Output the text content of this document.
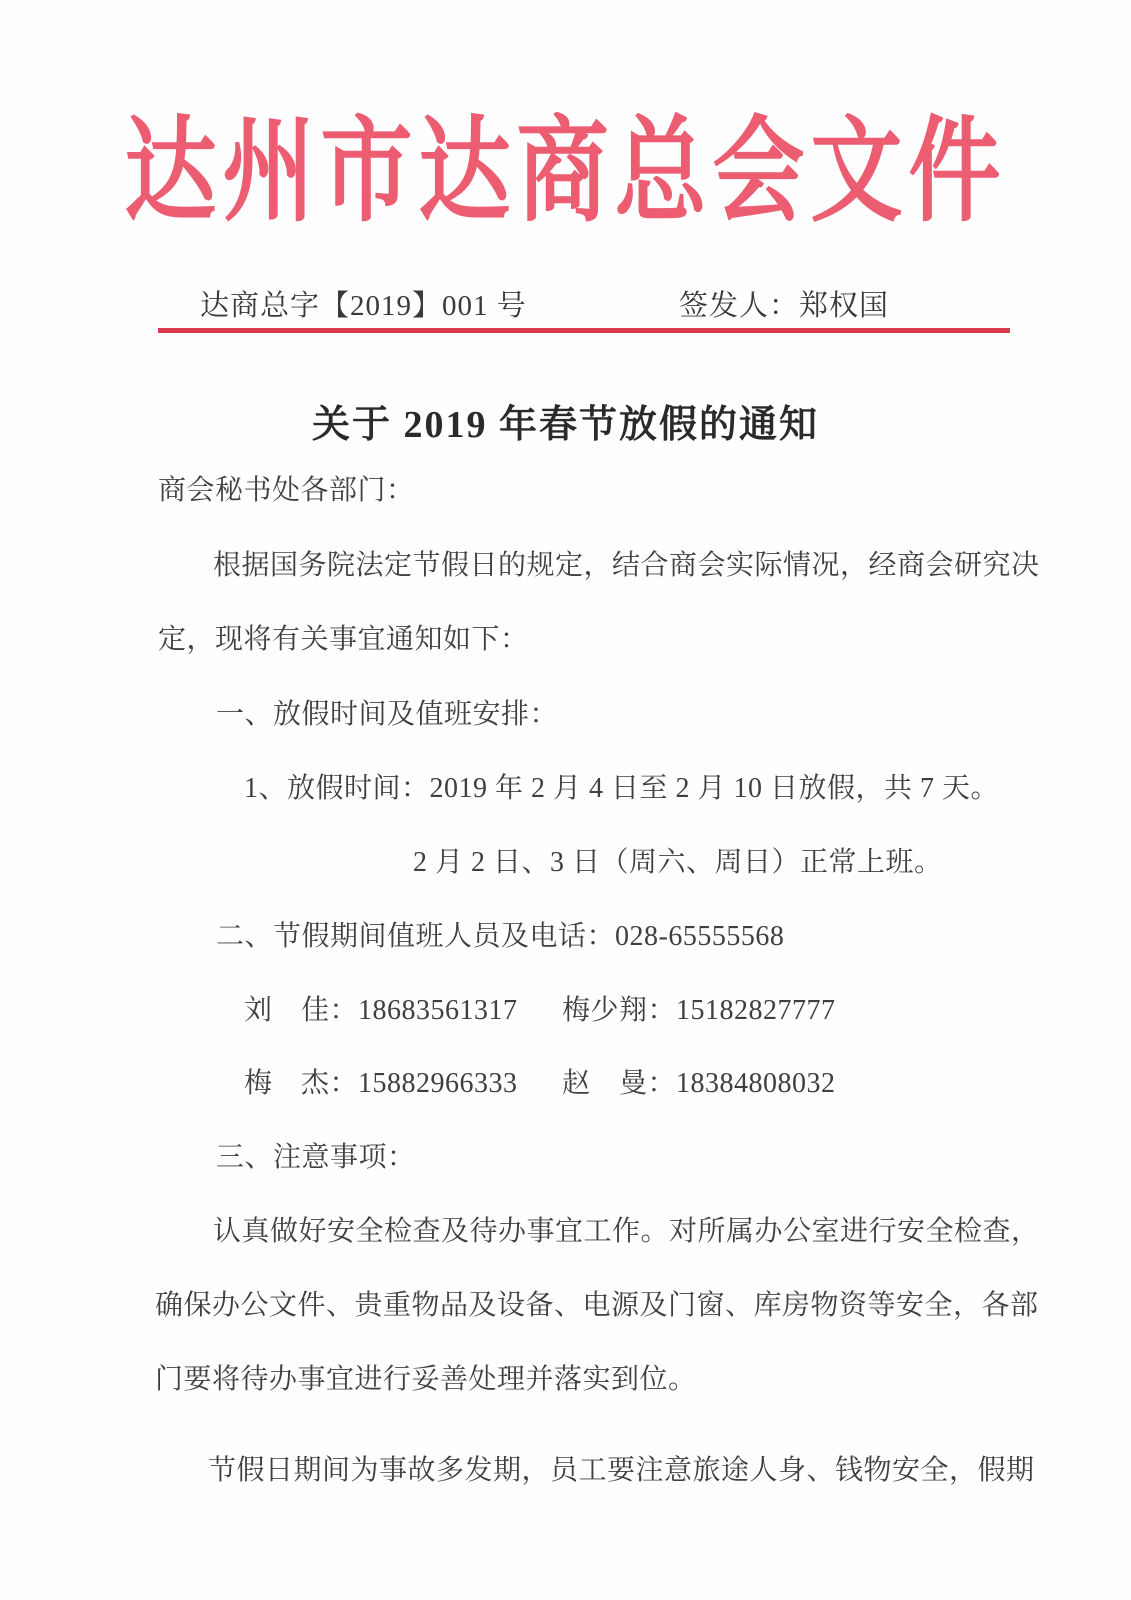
达州市达商总会文件
达商总字【2019】001 号	签发人：郑权国
关于 2019 年春节放假的通知
商会秘书处各部门：
根据国务院法定节假日的规定，结合商会实际情况，经商会研究决
定，现将有关事宜通知如下：
一、放假时间及值班安排：
1、放假时间：2019 年 2 月 4 日至 2 月 10 日放假，共 7 天。
2 月 2 日、3 日（周六、周日）正常上班。
二、节假期间值班人员及电话：028-65555568
刘　佳：18683561317 梅少翔：15182827777
梅　杰：15882966333 赵　曼：18384808032
三、注意事项：
认真做好安全检查及待办事宜工作。对所属办公室进行安全检查，
确保办公文件、贵重物品及设备、电源及门窗、库房物资等安全，各部
门要将待办事宜进行妥善处理并落实到位。
节假日期间为事故多发期，员工要注意旅途人身、钱物安全，假期
